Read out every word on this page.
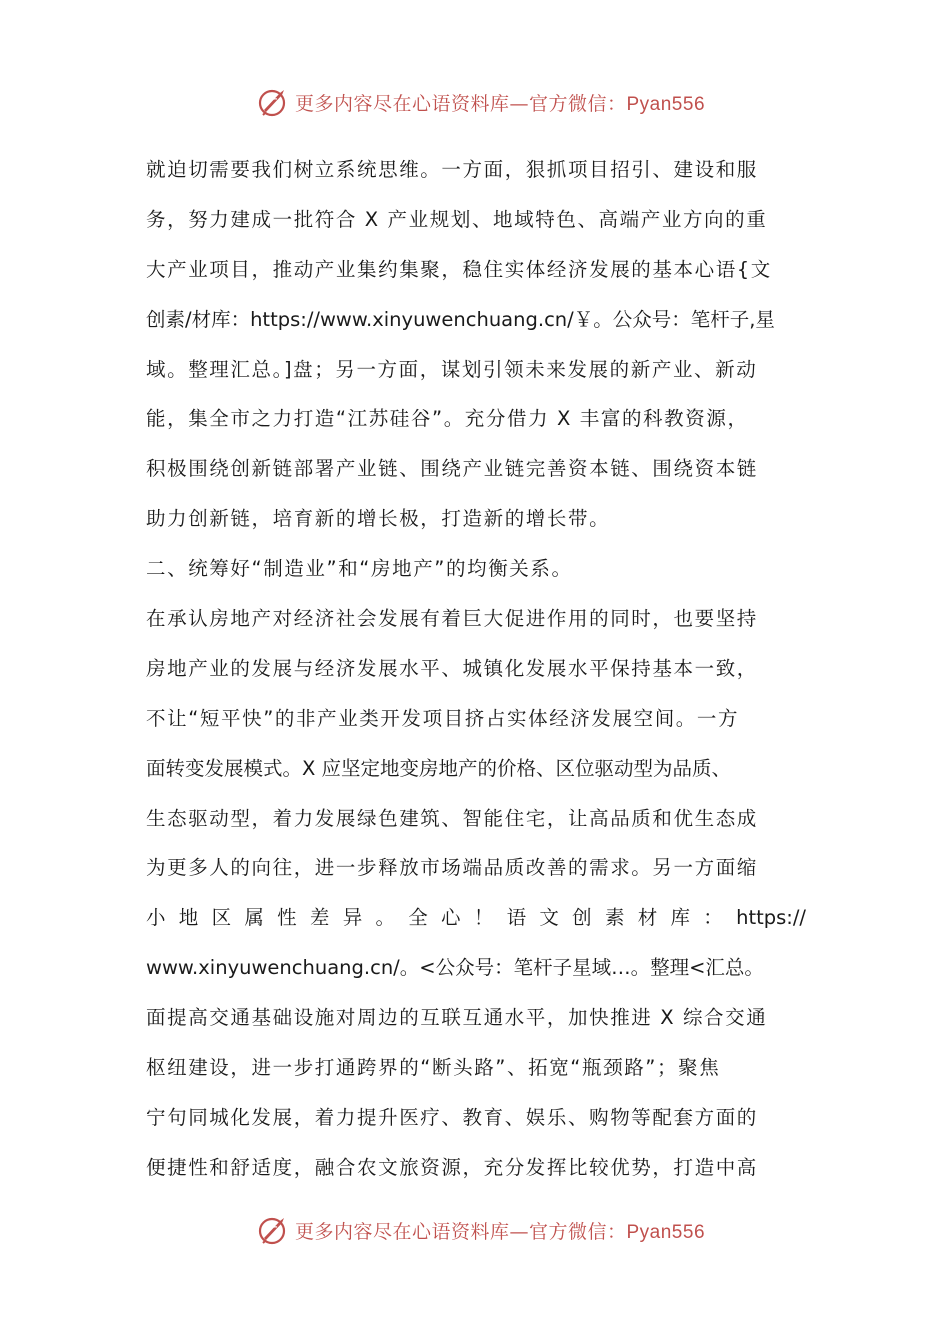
更多内容尽在心语资料库—官方微信：Pyan556
就迫切需要我们树立系统思维。一方面，狠抓项目招引、建设和服
务，努力建成一批符合 X 产业规划、地域特色、高端产业方向的重
大产业项目，推动产业集约集聚，稳住实体经济发展的基本心语{文
创素/材库：https://www.xinyuwenchuang.cn/￥。公众号：笔杆子,星
域。整理汇总。]盘；另一方面，谋划引领未来发展的新产业、新动
能，集全市之力打造“江苏硅谷”。充分借力 X 丰富的科教资源，
积极围绕创新链部署产业链、围绕产业链完善资本链、围绕资本链
助力创新链，培育新的增长极，打造新的增长带。
二、统筹好“制造业”和“房地产”的均衡关系。
在承认房地产对经济社会发展有着巨大促进作用的同时，也要坚持
房地产业的发展与经济发展水平、城镇化发展水平保持基本一致，
不让“短平快”的非产业类开发项目挤占实体经济发展空间。一方
面转变发展模式。X 应坚定地变房地产的价格、区位驱动型为品质、
生态驱动型，着力发展绿色建筑、智能住宅，让高品质和优生态成
为更多人的向往，进一步释放市场端品质改善的需求。另一方面缩
小 地 区 属 性 差 异 。 全 心 ！ 语 文 创 素 材 库 ： https://
www.xinyuwenchuang.cn/。<公众号：笔杆子星域…。整理<汇总。
面提高交通基础设施对周边的互联互通水平，加快推进 X 综合交通
枢纽建设，进一步打通跨界的“断头路”、拓宽“瓶颈路”；聚焦
宁句同城化发展，着力提升医疗、教育、娱乐、购物等配套方面的
便捷性和舒适度，融合农文旅资源，充分发挥比较优势，打造中高
更多内容尽在心语资料库—官方微信：Pyan556
